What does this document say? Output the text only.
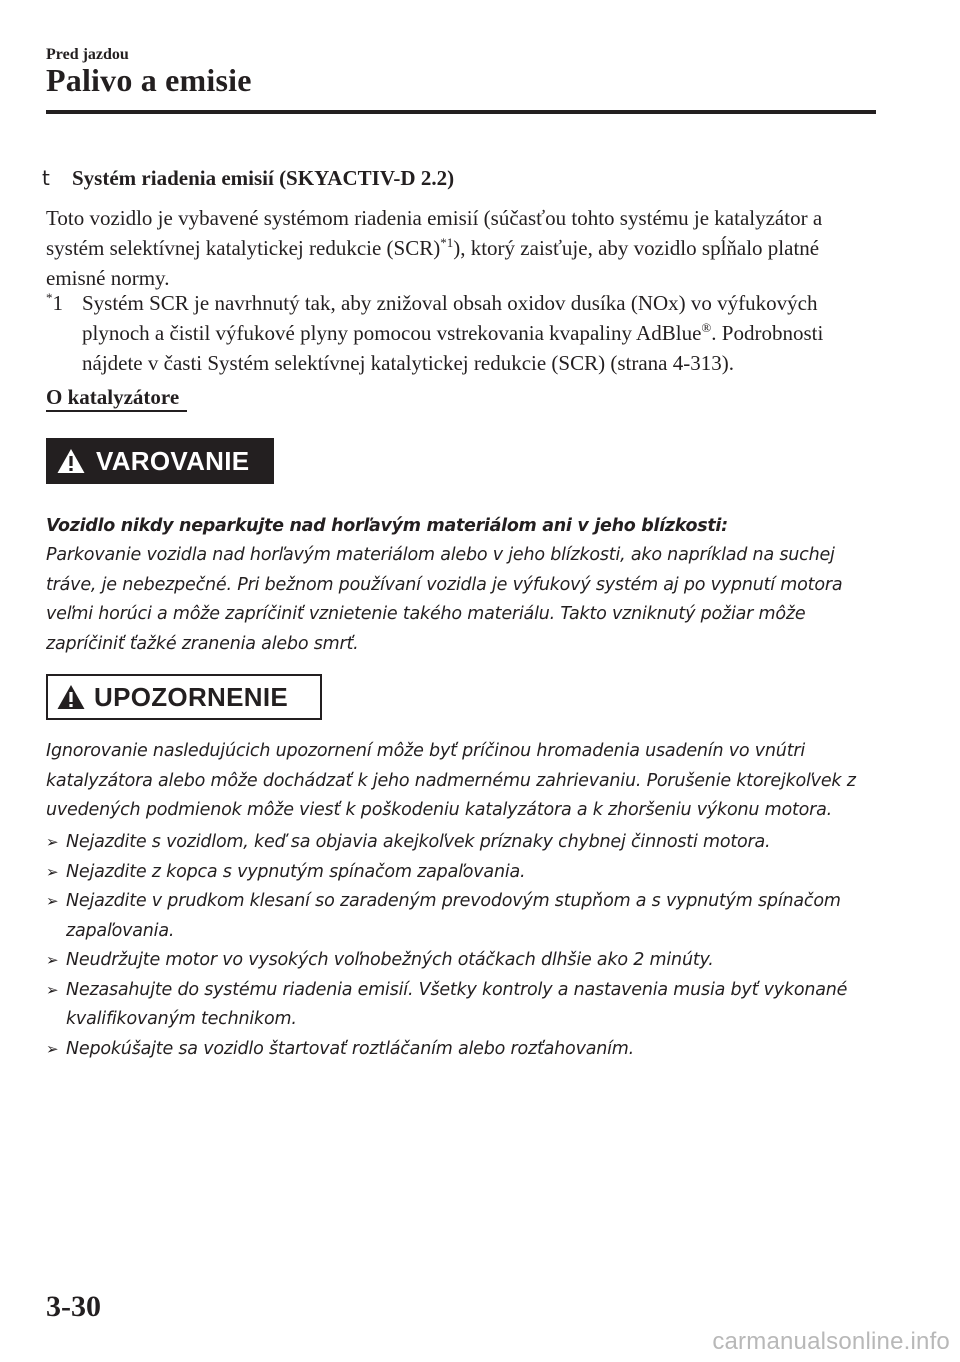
Pred jazdou
Palivo a emisie
t Systém riadenia emisií (SKYACTIV-D 2.2)
Toto vozidlo je vybavené systémom riadenia emisií (súčasťou tohto systému je katalyzátor a systém selektívnej katalytickej redukcie (SCR)$^{*1}$), ktorý zaisťuje, aby vozidlo spĺňalo platné emisné normy.
*1 Systém SCR je navrhnutý tak, aby znižoval obsah oxidov dusíka (NOx) vo výfukových plynoch a čistil výfukové plyny pomocou vstrekovania kvapaliny AdBlue®. Podrobnosti nájdete v časti Systém selektívnej katalytickej redukcie (SCR) (strana 4-313).
O katalyzátore
VAROVANIE
Vozidlo nikdy neparkujte nad horľavým materiálom ani v jeho blízkosti:
Parkovanie vozidla nad horľavým materiálom alebo v jeho blízkosti, ako napríklad na suchej tráve, je nebezpečné. Pri bežnom používaní vozidla je výfukový systém aj po vypnutí motora veľmi horúci a môže zapríčiniť vznietenie takého materiálu. Takto vzniknutý požiar môže zapríčiniť ťažké zranenia alebo smrť.
UPOZORNENIE
Ignorovanie nasledujúcich upozornení môže byť príčinou hromadenia usadenín vo vnútri katalyzátora alebo môže dochádzať k jeho nadmernému zahrievaniu. Porušenie ktorejkoľvek z uvedených podmienok môže viesť k poškodeniu katalyzátora a k zhoršeniu výkonu motora.
➢ Nejazdite s vozidlom, keď sa objavia akejkoľvek príznaky chybnej činnosti motora.
➢ Nejazdite z kopca s vypnutým spínačom zapaľovania.
➢ Nejazdite v prudkom klesaní so zaradeným prevodovým stupňom a s vypnutým spínačom zapaľovania.
➢ Neudržujte motor vo vysokých voľnobežných otáčkach dlhšie ako 2 minúty.
➢ Nezasahujte do systému riadenia emisií. Všetky kontroly a nastavenia musia byť vykonané kvalifikovaným technikom.
➢ Nepokúšajte sa vozidlo štartovať roztláčaním alebo rozťahovaním.
3-30
carmanualsonline.info
